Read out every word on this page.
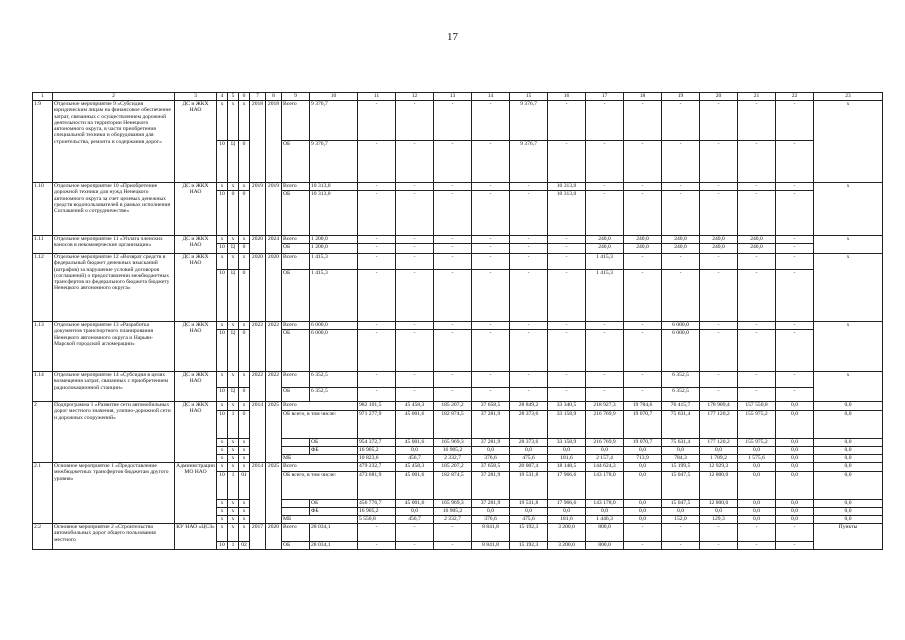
17
1	2	3	4	5	6	7	8	9	10	11	12	13	14	15	16	17	18	19	20	21	22	23	
1.9	Отдельное мероприятие 9 «Субсидия юридическим лицам на финансовое обеспечение затрат, связанных с осуществлением дорожной деятельности на территории Ненецкого автономного округа, в части приобретения специальной техники и оборудования для строительства, ремонта и содержания дорог»	ДС и ЖКХ НАО	х	х	х	2018	2018	Всего	9 376,7	-	-	-	-	9 376,7	-	-	-	-	-	-	-	х	
			10	Ц	0			ОБ	9 376,7	-	-	-	-	9 376,7	-	-	-	-	-	-	-		
1.10	Отдельное мероприятие 10 «Приобретение дорожной техники для нужд Ненецкого автономного округа за счет целевых денежных средств водопользователей в рамках исполнения Соглашений о сотрудничестве»	ДС и ЖКХ НАО	х	х	х	2019	2019	Всего	10 313,0	-	-	-	-	-	10 313,0	-	-	-	-	-	-	х	
			10	0	0			ОБ	10 313,0	-	-	-	-	-	10 313,0	-	-	-	-	-	-		
1.11	Отдельное мероприятие 11 «Уплата членских взносов в некоммерческие организации»	ДС и ЖКХ НАО	х	х	х	2020	2024	Всего	1 200,0	-	-	-	-	-	-	240,0	240,0	240,0	240,0	240,0	-	х	
			10	Ц	0			ОБ	1 200,0	-	-	-	-	-	-	240,0	240,0	240,0	240,0	240,0	-		
1.12	Отдельное мероприятие 12 «Возврат средств в федеральный бюджет денежных взысканий (штрафов) за нарушение условий договоров (соглашений) о предоставлении межбюджетных трансфертов из федерального бюджета бюджету Ненецкого автономного округа»	ДС и ЖКХ НАО	х	х	х	2020	2020	Всего	1 415,3	-	-	-	-	-	-	1 415,3	-	-	-	-	-	х	
			10	Ц	0			ОБ	1 415,3	-	-	-	-	-	-	1 415,3	-	-	-	-	-		
1.13	Отдельное мероприятие 13 «Разработка документов транспортного планирования Ненецкого автономного округа и Нарьян-Марской городской агломерации»	ДС и ЖКХ НАО	х	х	х	2022	2022	Всего	6 000,0	-	-	-	-	-	-	-	-	6 000,0	-	-	-	х	
			10	Ц	0			ОБ	6 000,0	-	-	-	-	-	-	-	-	6 000,0	-	-	-		
1.14	Отдельное мероприятие 14 «Субсидия в целях возмещения затрат, связанных с приобретением радиолокационной станции»	ДС и ЖКХ НАО	х	х	х	2022	2022	Всего	6 352,5	-	-	-	-	-	-	-	-	6 352,5	-	-	-	х	
			10	Ц	0			ОБ	6 352,5	-	-	-	-	-	-	-	-	6 352,5	-	-	-		
2	Подпрограмма 1 «Развитие сети автомобильных дорог местного значения, улично-дорожной сети и дорожных сооружений»	ДС и ЖКХ НАО	х	х	х	2014	2025	Всего		982 101,5	45 458,3	185 207,2	37 658,5	28 849,2	33 340,5	218 927,3	19 784,6	76 415,7	178 909,4	157 550,8	0,0	0,0	
			10	1	0			ОБ всего, в том числе:		971 277,9	45 001,6	182 874,5	37 281,9	28 373,6	33 158,9	216 769,9	19 070,7	75 631,4	177 120,2	155 975,2	0,0	0,0	
			х	х	х				ОБ	954 372,7	45 001,6	165 969,3	37 281,9	28 373,6	33 158,9	216 769,9	19 070,7	75 631,4	177 120,2	155 975,2	0,0	0,0	
			х	х	х				ФБ	16 905,2	0,0	16 905,2	0,0	0,0	0,0	0,0	0,0	0,0	0,0	0,0	0,0	0,0	
			х	х	х			МБ		10 823,6	456,7	2 332,7	376,6	475,6	181,6	2 157,4	713,9	784,3	1 789,2	1 575,6	0,0	0,0	
2.1	Основное мероприятие 1 «Предоставление межбюджетных трансфертов бюджетам другого уровня»	Администрации МО НАО	х	х	х	2014	2025	Всего		479 232,7	45 458,3	185 207,2	37 658,5	20 007,4	18 148,5	144 624,3	0,0	15 199,5	12 929,3	0,0	0,0	0,0	
			10	1	01			ОБ всего, в том числе:		473 681,9	45 001,6	182 874,5	37 281,9	19 531,8	17 966,6	143 178,0	0,0	15 047,5	12 800,0	0,0	0,0	0,0	
			х	х	х				ОБ	456 776,7	45 001,6	165 969,3	37 281,9	19 531,8	17 966,6	143 178,0	0,0	15 047,5	12 800,0	0,0	0,0	0,0	
			х	х	х				ФБ	16 905,2	0,0	16 905,2	0,0	0,0	0,0	0,0	0,0	0,0	0,0	0,0	0,0	0,0	
			х	х	х			МБ		5 550,8	456,7	2 332,7	376,6	475,6	181,6	1 446,3	0,0	152,0	129,3	0,0	0,0	0,0	
2.2	Основное мероприятие 2 «Строительство автомобильных дорог общего пользования местного	КУ НАО «ЦСЗ»	х	х	х	2017	2020	Всего	28 034,1	-	-	-	8 841,8	15 192,3	3 200,0	800,0	-	-	-	-	-	Пункты	
			10	1	02			ОБ	28 034,1	-	-	-	8 841,8	15 192,3	3 200,0	800,0	-	-	-	-	-		
